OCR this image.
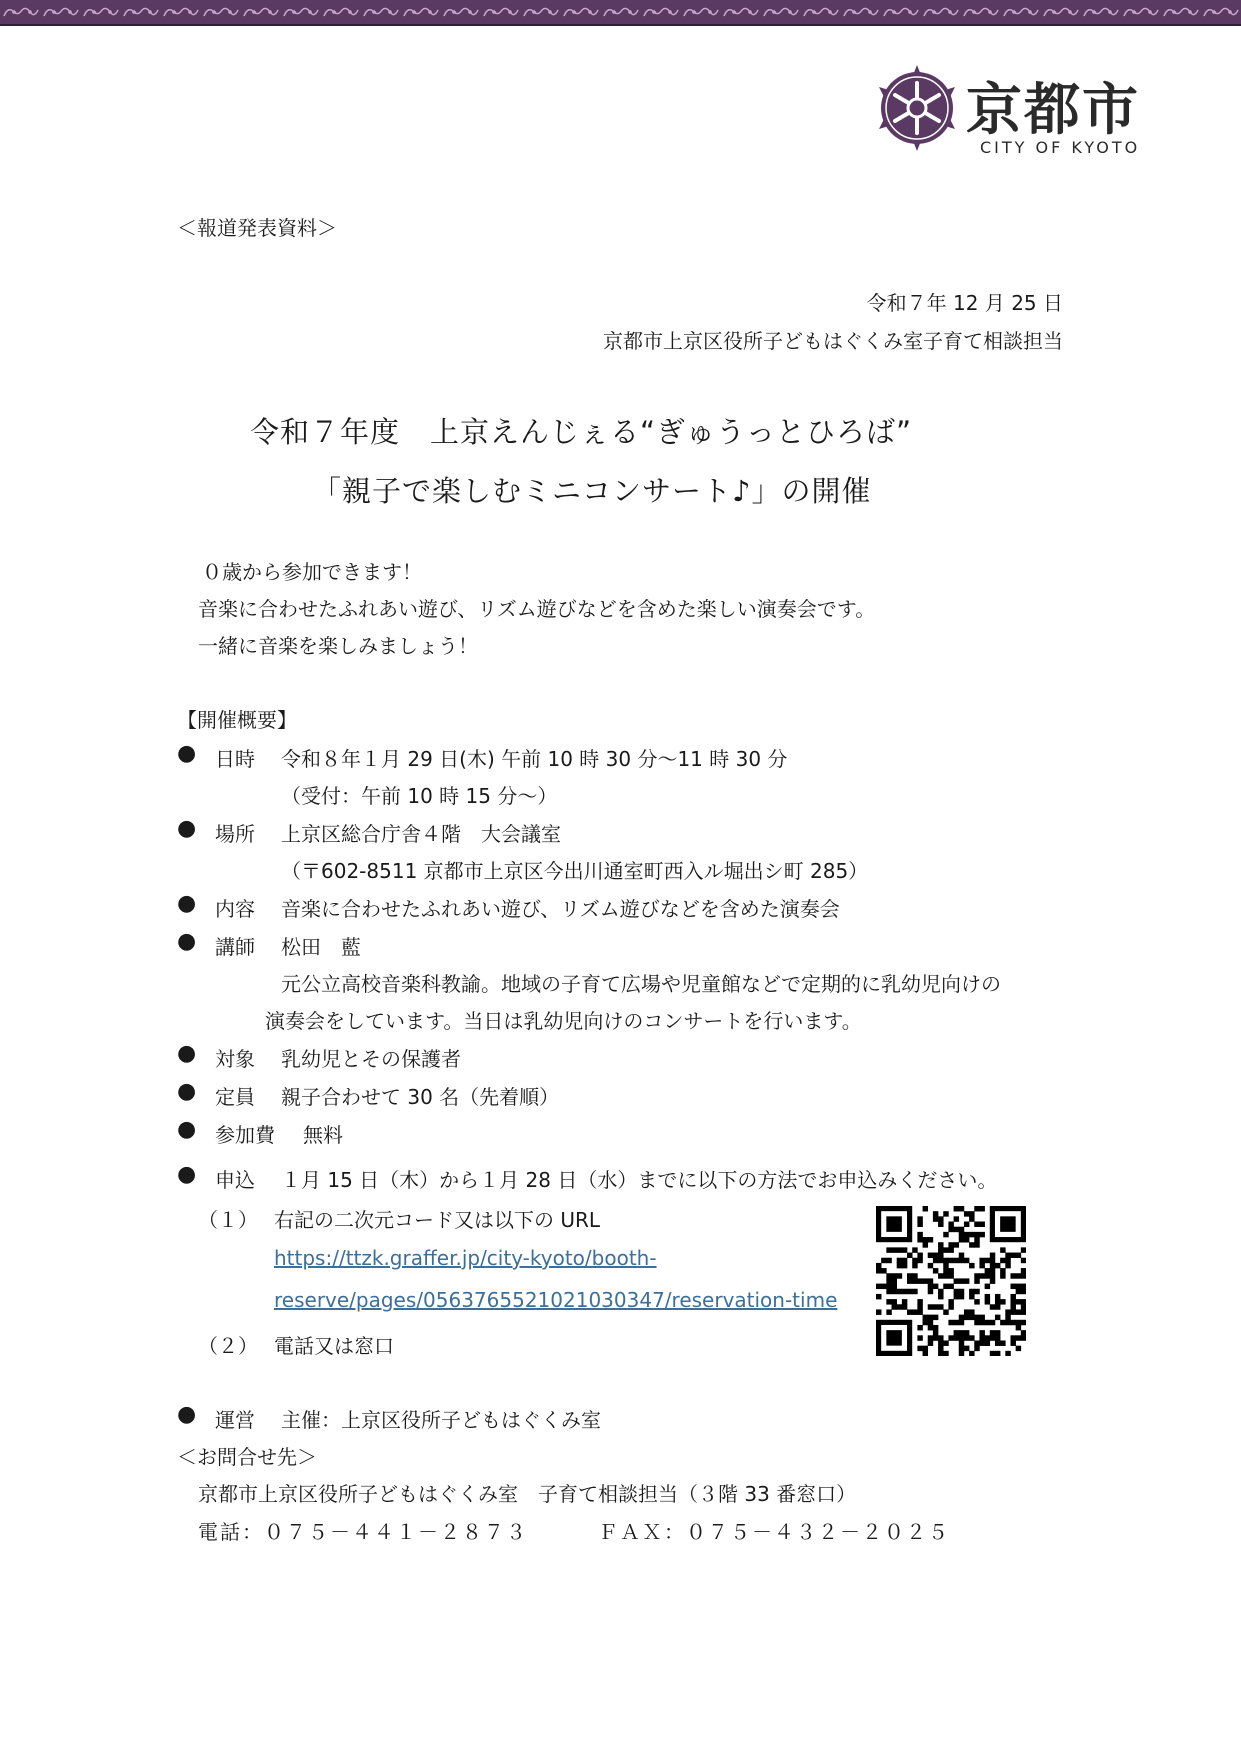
京都市
CITY OF KYOTO
＜報道発表資料＞
令和７年 12 月 25 日
京都市上京区役所子どもはぐくみ室子育て相談担当
令和７年度　上京えんじぇる“ぎゅうっとひろば”
「親子で楽しむミニコンサート♪」の開催
０歳から参加できます！
音楽に合わせたふれあい遊び、リズム遊びなどを含めた楽しい演奏会です。
一緒に音楽を楽しみましょう！
【開催概要】
● 日時 令和８年１月 29 日(木) 午前 10 時 30 分～11 時 30 分
（受付：午前 10 時 15 分～）
● 場所 上京区総合庁舎４階　大会議室
（〒602-8511 京都市上京区今出川通室町西入ル堀出シ町 285）
● 内容 音楽に合わせたふれあい遊び、リズム遊びなどを含めた演奏会
● 講師 松田　藍
元公立高校音楽科教諭。地域の子育て広場や児童館などで定期的に乳幼児向けの
演奏会をしています。当日は乳幼児向けのコンサートを行います。
● 対象 乳幼児とその保護者
● 定員 親子合わせて 30 名（先着順）
● 参加費 無料
● 申込 １月 15 日（木）から１月 28 日（水）までに以下の方法でお申込みください。
（１） 右記の二次元コード又は以下の URL
https://ttzk.graffer.jp/city-kyoto/booth-
reserve/pages/0563765521021030347/reservation-time
（２） 電話又は窓口
● 運営 主催：上京区役所子どもはぐくみ室
＜お問合せ先＞
京都市上京区役所子どもはぐくみ室　子育て相談担当（３階 33 番窓口）
電話：０７５－４４１－２８７３	ＦＡＸ：０７５－４３２－２０２５
